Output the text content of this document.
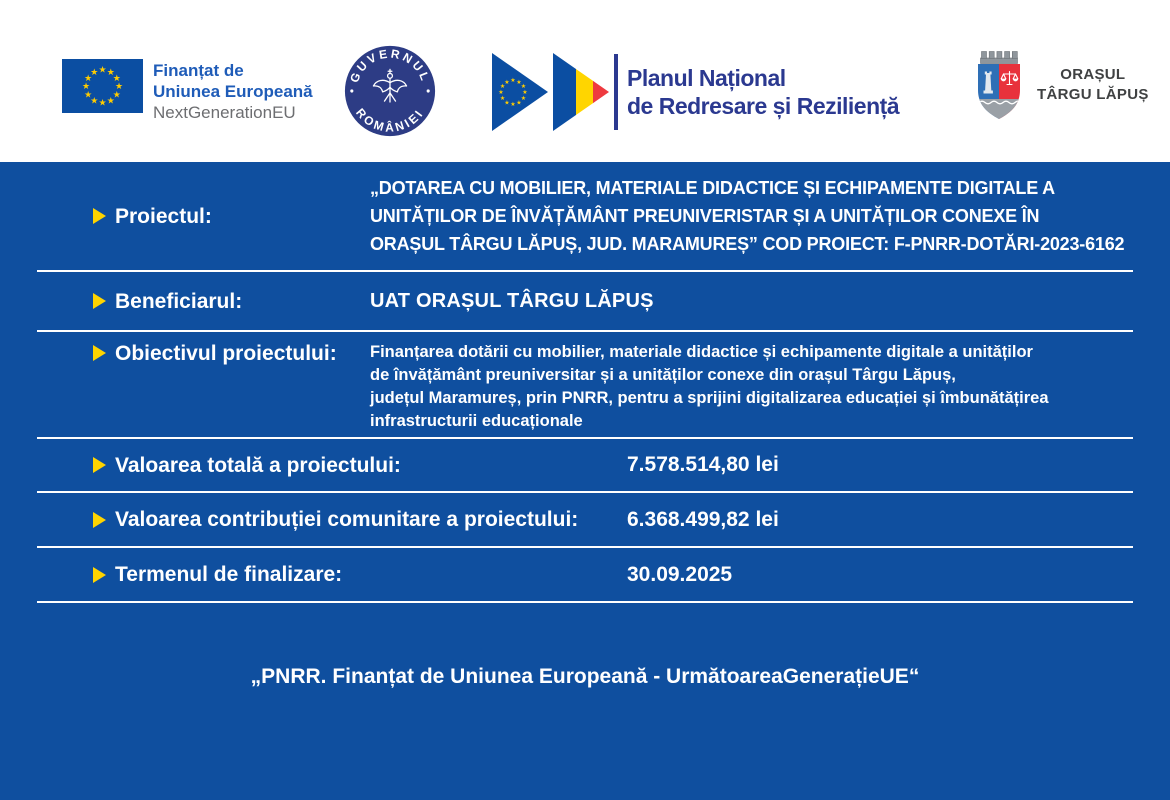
★ ★
★
★
★
★
★
★
★
★
★
★	Finanțat de
Uniunea Europeană
NextGenerationEU
GUVERNUL
ROMÂNIEI
★ ★
★
★
★
★
★
★
★
★
★
★	Planul Național
de Redresare și Reziliență
ORAȘUL
TÂRGU LĂPUȘ
Proiectul:
„DOTAREA CU MOBILIER, MATERIALE DIDACTICE ȘI ECHIPAMENTE DIGITALE A
UNITĂȚILOR DE ÎNVĂȚĂMÂNT PREUNIVERISTAR ȘI A UNITĂȚILOR CONEXE ÎN
ORAȘUL TÂRGU LĂPUȘ, JUD. MARAMUREȘ” COD PROIECT: F-PNRR-DOTĂRI-2023-6162
Beneficiarul:	UAT ORAȘUL TÂRGU LĂPUȘ
Obiectivul proiectului: Finanțarea dotării cu mobilier, materiale didactice și echipamente digitale a unităților
de învățământ preuniversitar și a unităților conexe din orașul Târgu Lăpuș,
județul Maramureș, prin PNRR, pentru a sprijini digitalizarea educației și îmbunătățirea
infrastructurii educaționale
Valoarea totală a proiectului:	7.578.514,80 lei
Valoarea contribuției comunitare a proiectului: 6.368.499,82 lei
Termenul de finalizare:	30.09.2025
„PNRR. Finanțat de Uniunea Europeană - UrmătoareaGenerațieUE“
